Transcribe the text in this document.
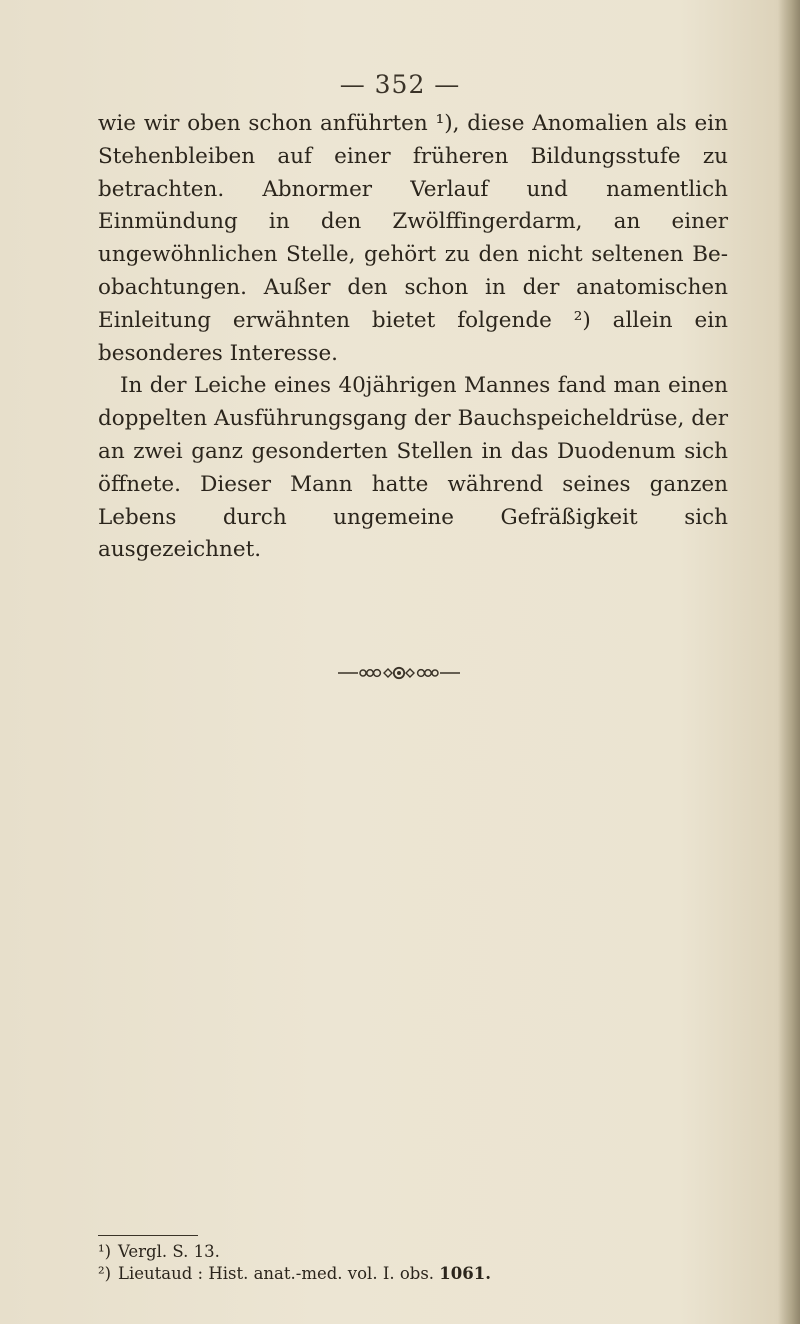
— 352 —

wie wir oben schon anführten ¹), diese Anomalien als ein Stehenbleiben auf einer früheren Bildungsstufe zu betrachten. Abnormer Verlauf und namentlich Einmündung in den Zwölffingerdarm, an einer ungewöhnlichen Stelle, gehört zu den nicht seltenen Beobachtungen. Außer den schon in der anatomischen Einleitung erwähnten bietet folgende ²) allein ein besonderes Interesse.

In der Leiche eines 40jährigen Mannes fand man einen doppelten Ausführungsgang der Bauchspeicheldrüse, der an zwei ganz gesonderten Stellen in das Duodenum sich öffnete. Dieser Mann hatte während seines ganzen Lebens durch ungemeine Gefräßigkeit sich ausgezeichnet.

¹) Vergl. S. 13.

²) Lieutaud : Hist. anat.-med. vol. I. obs. 1061.
